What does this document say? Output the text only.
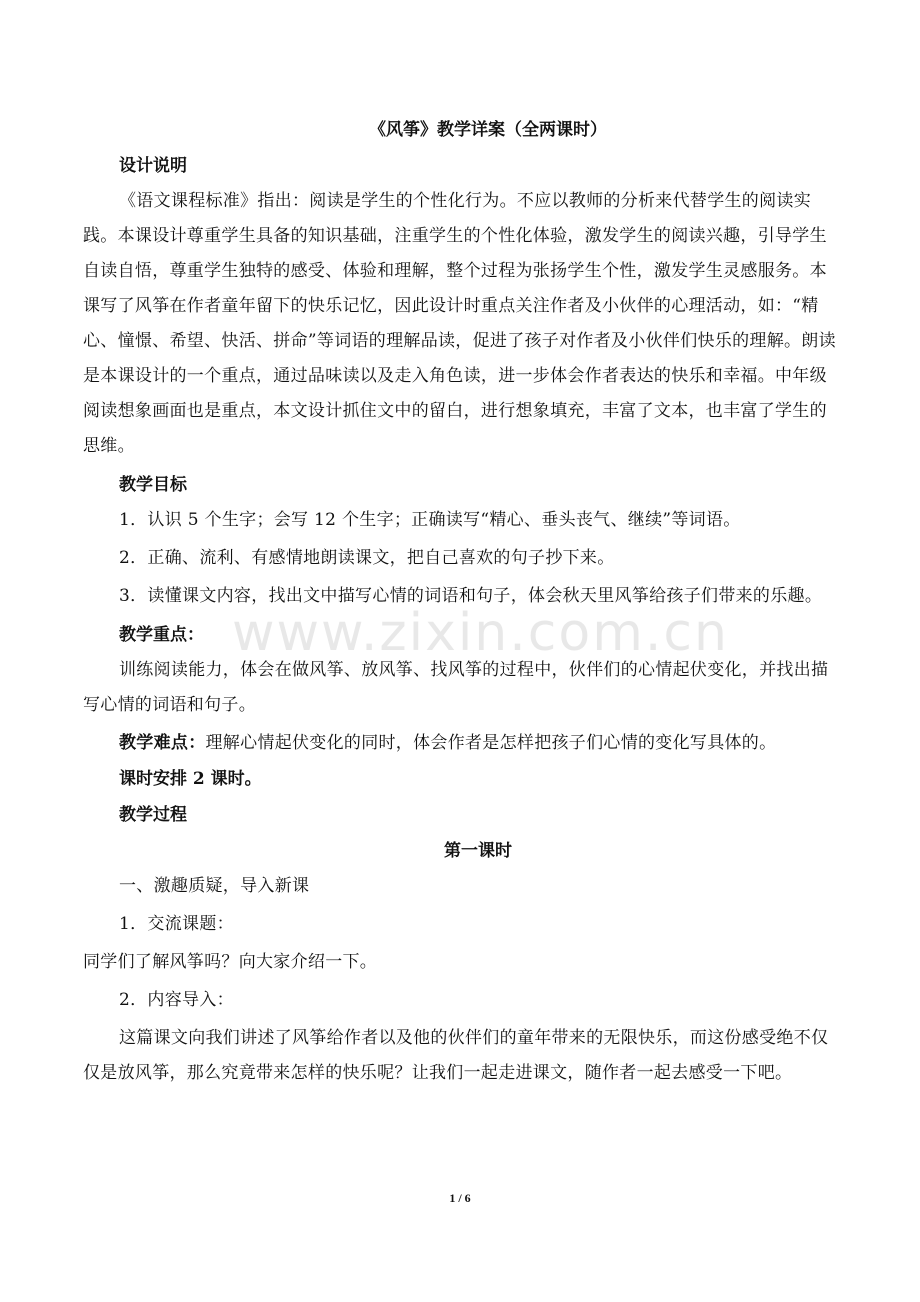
《风筝》教学详案（全两课时）
设计说明

《语文课程标准》指出：阅读是学生的个性化行为。不应以教师的分析来代替学生的阅读实践。本课设计尊重学生具备的知识基础，注重学生的个性化体验，激发学生的阅读兴趣，引导学生自读自悟，尊重学生独特的感受、体验和理解，整个过程为张扬学生个性，激发学生灵感服务。本课写了风筝在作者童年留下的快乐记忆，因此设计时重点关注作者及小伙伴的心理活动，如：“精心、憧憬、希望、快活、拼命”等词语的理解品读，促进了孩子对作者及小伙伴们快乐的理解。朗读是本课设计的一个重点，通过品味读以及走入角色读，进一步体会作者表达的快乐和幸福。中年级阅读想象画面也是重点，本文设计抓住文中的留白，进行想象填充，丰富了文本，也丰富了学生的思维。

教学目标

1．认识 5 个生字；会写 12 个生字；正确读写“精心、垂头丧气、继续”等词语。

2．正确、流利、有感情地朗读课文，把自己喜欢的句子抄下来。

3．读懂课文内容，找出文中描写心情的词语和句子，体会秋天里风筝给孩子们带来的乐趣。

教学重点：

训练阅读能力，体会在做风筝、放风筝、找风筝的过程中，伙伴们的心情起伏变化，并找出描写心情的词语和句子。

教学难点：理解心情起伏变化的同时，体会作者是怎样把孩子们心情的变化写具体的。

课时安排 2 课时。
教学过程
第一课时

一、激趣质疑，导入新课

1．交流课题：

同学们了解风筝吗？向大家介绍一下。

2．内容导入：

这篇课文向我们讲述了风筝给作者以及他的伙伴们的童年带来的无限快乐，而这份感受绝不仅仅是放风筝，那么究竟带来怎样的快乐呢？让我们一起走进课文，随作者一起去感受一下吧。

www.zixin.com.cn
1 / 6
